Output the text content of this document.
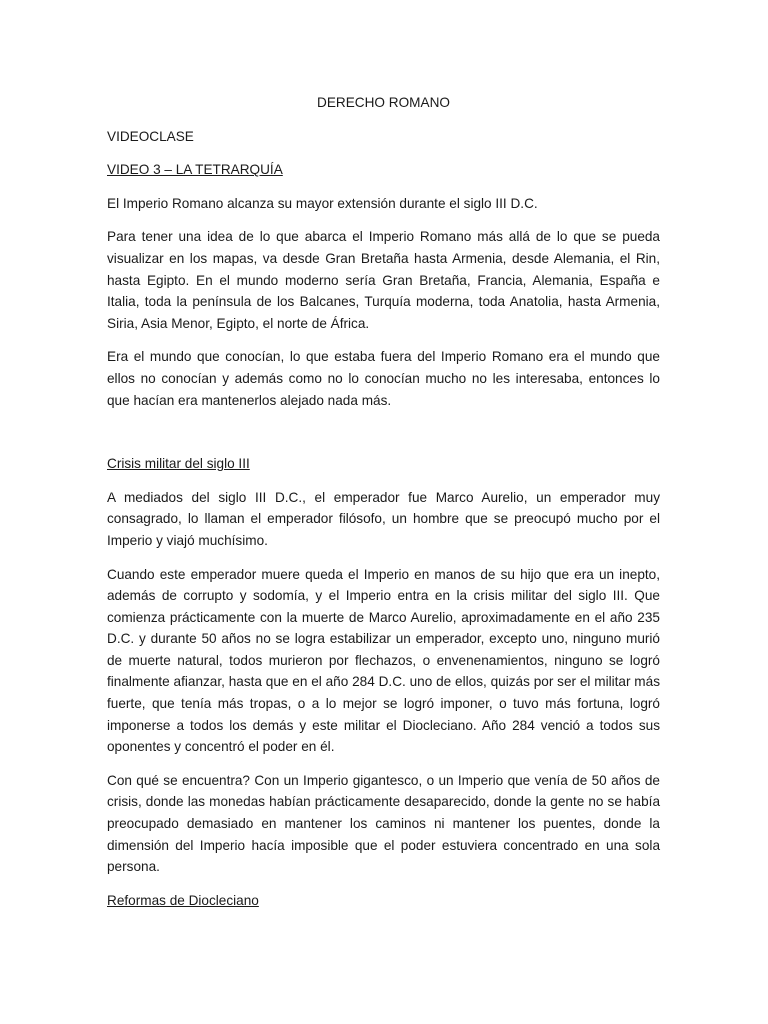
DERECHO ROMANO

VIDEOCLASE

VIDEO 3 – LA TETRARQUÍA

El Imperio Romano alcanza su mayor extensión durante el siglo III D.C.

Para tener una idea de lo que abarca el Imperio Romano más allá de lo que se pueda visualizar en los mapas, va desde Gran Bretaña hasta Armenia, desde Alemania, el Rin, hasta Egipto. En el mundo moderno sería Gran Bretaña, Francia, Alemania, España e Italia, toda la península de los Balcanes, Turquía moderna, toda Anatolia, hasta Armenia, Siria, Asia Menor, Egipto, el norte de África.

Era el mundo que conocían, lo que estaba fuera del Imperio Romano era el mundo que ellos no conocían y además como no lo conocían mucho no les interesaba, entonces lo que hacían era mantenerlos alejado nada más.

Crisis militar del siglo III

A mediados del siglo III D.C., el emperador fue Marco Aurelio, un emperador muy consagrado, lo llaman el emperador filósofo, un hombre que se preocupó mucho por el Imperio y viajó muchísimo.

Cuando este emperador muere queda el Imperio en manos de su hijo que era un inepto, además de corrupto y sodomía, y el Imperio entra en la crisis militar del siglo III. Que comienza prácticamente con la muerte de Marco Aurelio, aproximadamente en el año 235 D.C. y durante 50 años no se logra estabilizar un emperador, excepto uno, ninguno murió de muerte natural, todos murieron por flechazos, o envenenamientos, ninguno se logró finalmente afianzar, hasta que en el año 284 D.C. uno de ellos, quizás por ser el militar más fuerte, que tenía más tropas, o a lo mejor se logró imponer, o tuvo más fortuna, logró imponerse a todos los demás y este militar el Diocleciano. Año 284 venció a todos sus oponentes y concentró el poder en él.

Con qué se encuentra? Con un Imperio gigantesco, o un Imperio que venía de 50 años de crisis, donde las monedas habían prácticamente desaparecido, donde la gente no se había preocupado demasiado en mantener los caminos ni mantener los puentes, donde la dimensión del Imperio hacía imposible que el poder estuviera concentrado en una sola persona.

Reformas de Diocleciano
